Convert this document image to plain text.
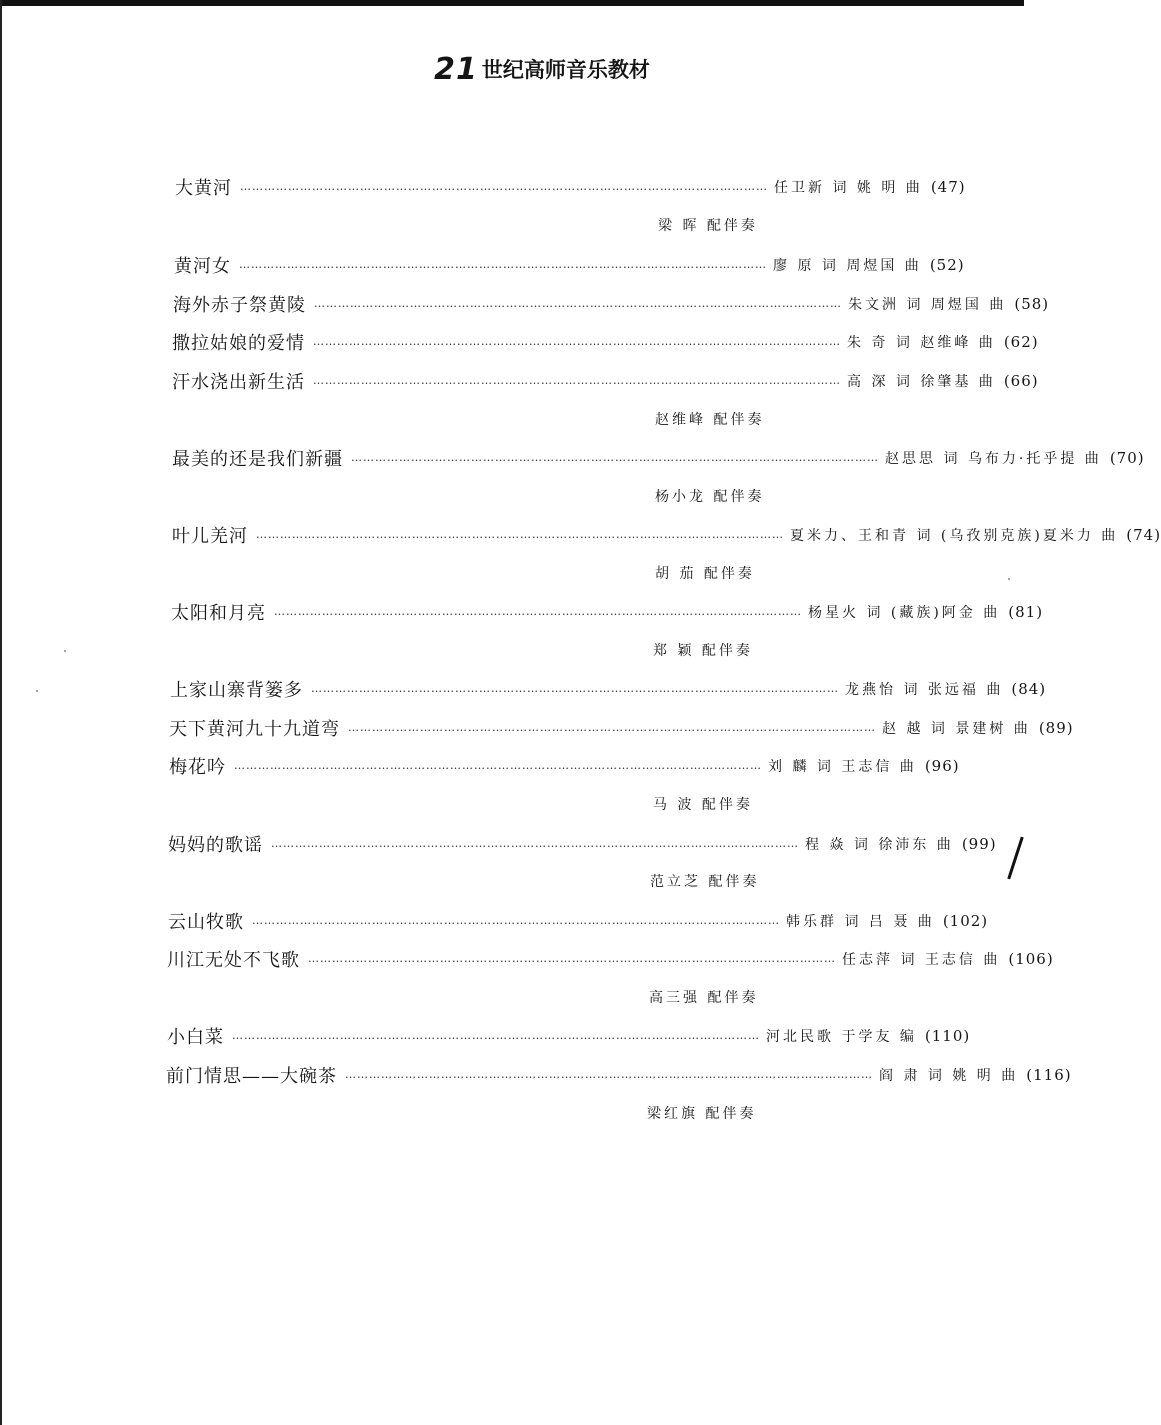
21 世纪高师音乐教材
大黄河 …………………………………………………………………………………………………………………… 任卫新 词 姚 明 曲 (47)
梁 晖 配伴奏
黄河女 …………………………………………………………………………………………………………………… 廖 原 词 周煜国 曲 (52)
海外赤子祭黄陵 …………………………………………………………………………………………………………………… 朱文洲 词 周煜国 曲 (58)
撒拉姑娘的爱情 …………………………………………………………………………………………………………………… 朱 奇 词 赵维峰 曲 (62)
汗水浇出新生活 …………………………………………………………………………………………………………………… 高 深 词 徐肇基 曲 (66)
赵维峰 配伴奏
最美的还是我们新疆 …………………………………………………………………………………………………………………… 赵思思 词 乌布力·托乎提 曲 (70)
杨小龙 配伴奏
叶儿羌河 …………………………………………………………………………………………………………………… 夏米力、王和青 词 (乌孜别克族)夏米力 曲 (74)
胡 茄 配伴奏
太阳和月亮 …………………………………………………………………………………………………………………… 杨星火 词 (藏族)阿金 曲 (81)
郑 颖 配伴奏
上家山寨背篓多 …………………………………………………………………………………………………………………… 龙燕怡 词 张远福 曲 (84)
天下黄河九十九道弯 …………………………………………………………………………………………………………………… 赵 越 词 景建树 曲 (89)
梅花吟 …………………………………………………………………………………………………………………… 刘 麟 词 王志信 曲 (96)
马 波 配伴奏
妈妈的歌谣 …………………………………………………………………………………………………………………… 程 焱 词 徐沛东 曲 (99)
范立芝 配伴奏
云山牧歌 …………………………………………………………………………………………………………………… 韩乐群 词 吕 聂 曲 (102)
川江无处不飞歌 …………………………………………………………………………………………………………………… 任志萍 词 王志信 曲 (106)
高三强 配伴奏
小白菜 …………………………………………………………………………………………………………………… 河北民歌 于学友 编 (110)
前门情思——大碗茶 …………………………………………………………………………………………………………………… 阎 肃 词 姚 明 曲 (116)
梁红旗 配伴奏
